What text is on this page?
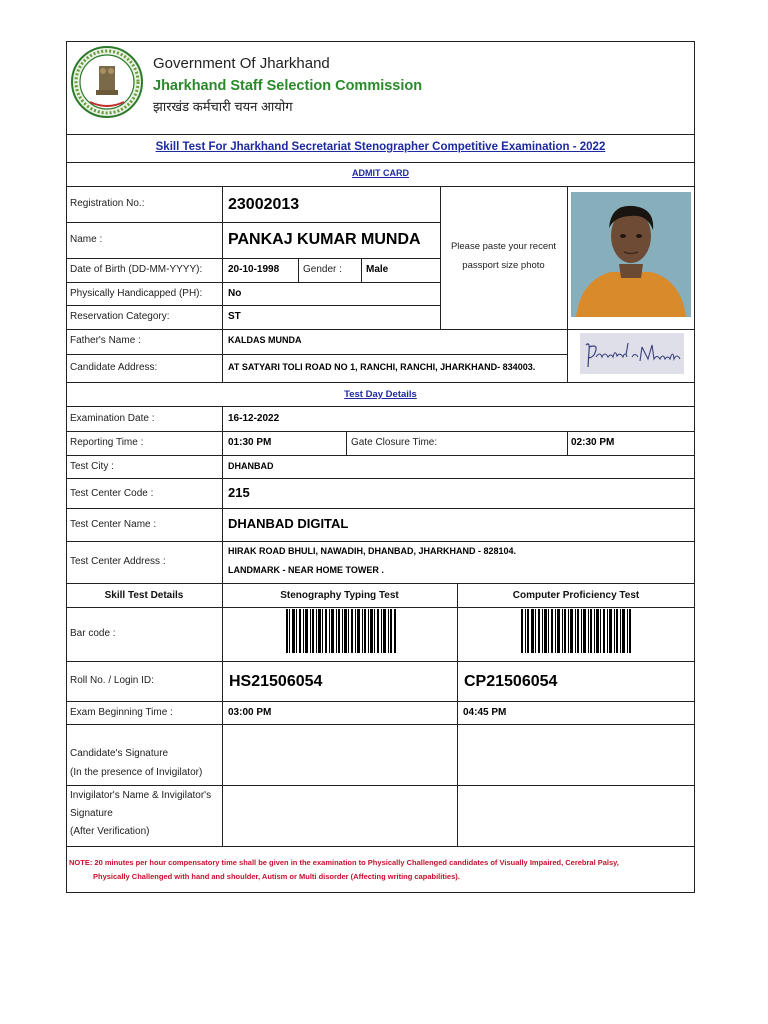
Government Of Jharkhand
Jharkhand Staff Selection Commission
झारखंड कर्मचारी चयन आयोग
Skill Test For Jharkhand Secretariat Stenographer Competitive Examination - 2022
ADMIT CARD
Registration No.:	23002013
Name :	PANKAJ KUMAR MUNDA
Date of Birth (DD-MM-YYYY):	20-10-1998 Gender : Male
Physically Handicapped (PH):	No
Reservation Category:	ST
Father's Name :	KALDAS MUNDA
Candidate Address:	AT SATYARI TOLI ROAD NO 1, RANCHI, RANCHI, JHARKHAND- 834003.
Please paste your recent
passport size photo
Test Day Details
Examination Date :	16-12-2022
Reporting Time :	01:30 PM	Gate Closure Time:	02:30 PM
Test City :	DHANBAD
Test Center Code :	215
Test Center Name :	DHANBAD DIGITAL
Test Center Address :
HIRAK ROAD BHULI, NAWADIH, DHANBAD, JHARKHAND - 828104.
LANDMARK - NEAR HOME TOWER .
Skill Test Details	Stenography Typing Test	Computer Proficiency Test
Bar code :
Roll No. / Login ID:	HS21506054	CP21506054
Exam Beginning Time :	03:00 PM	04:45 PM
Candidate's Signature
(In the presence of Invigilator)
Invigilator's Name & Invigilator's
Signature
(After Verification)
NOTE: 20 minutes per hour compensatory time shall be given in the examination to Physically Challenged candidates of Visually Impaired, Cerebral Palsy,
Physically Challenged with hand and shoulder, Autism or Multi disorder (Affecting writing capabilities).
